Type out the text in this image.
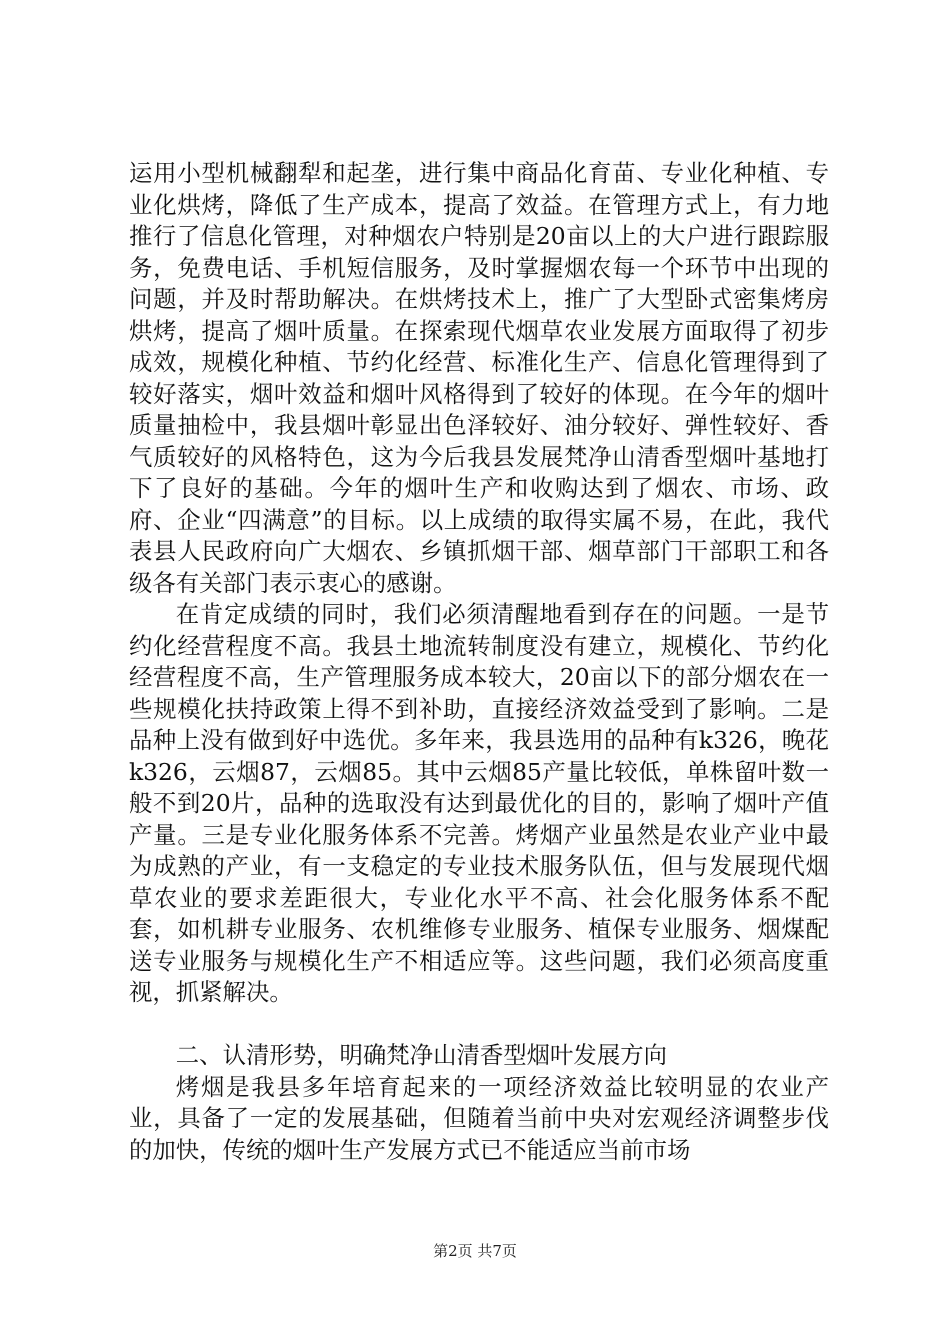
运用小型机械翻犁和起垄，进行集中商品化育苗、专业化种植、专业化烘烤，降低了生产成本，提高了效益。在管理方式上，有力地推行了信息化管理，对种烟农户特别是20亩以上的大户进行跟踪服务，免费电话、手机短信服务，及时掌握烟农每一个环节中出现的问题，并及时帮助解决。在烘烤技术上，推广了大型卧式密集烤房烘烤，提高了烟叶质量。在探索现代烟草农业发展方面取得了初步成效，规模化种植、节约化经营、标准化生产、信息化管理得到了较好落实，烟叶效益和烟叶风格得到了较好的体现。在今年的烟叶质量抽检中，我县烟叶彰显出色泽较好、油分较好、弹性较好、香气质较好的风格特色，这为今后我县发展梵净山清香型烟叶基地打下了良好的基础。今年的烟叶生产和收购达到了烟农、市场、政府、企业“四满意”的目标。以上成绩的取得实属不易，在此，我代表县人民政府向广大烟农、乡镇抓烟干部、烟草部门干部职工和各级各有关部门表示衷心的感谢。

在肯定成绩的同时，我们必须清醒地看到存在的问题。一是节约化经营程度不高。我县土地流转制度没有建立，规模化、节约化经营程度不高，生产管理服务成本较大，20亩以下的部分烟农在一些规模化扶持政策上得不到补助，直接经济效益受到了影响。二是品种上没有做到好中选优。多年来，我县选用的品种有k326，晚花k326，云烟87，云烟85。其中云烟85产量比较低，单株留叶数一般不到20片，品种的选取没有达到最优化的目的，影响了烟叶产值产量。三是专业化服务体系不完善。烤烟产业虽然是农业产业中最为成熟的产业，有一支稳定的专业技术服务队伍，但与发展现代烟草农业的要求差距很大，专业化水平不高、社会化服务体系不配套，如机耕专业服务、农机维修专业服务、植保专业服务、烟煤配送专业服务与规模化生产不相适应等。这些问题，我们必须高度重视，抓紧解决。

二、认清形势，明确梵净山清香型烟叶发展方向

烤烟是我县多年培育起来的一项经济效益比较明显的农业产业，具备了一定的发展基础，但随着当前中央对宏观经济调整步伐的加快，传统的烟叶生产发展方式已不能适应当前市场

第2页 共7页
